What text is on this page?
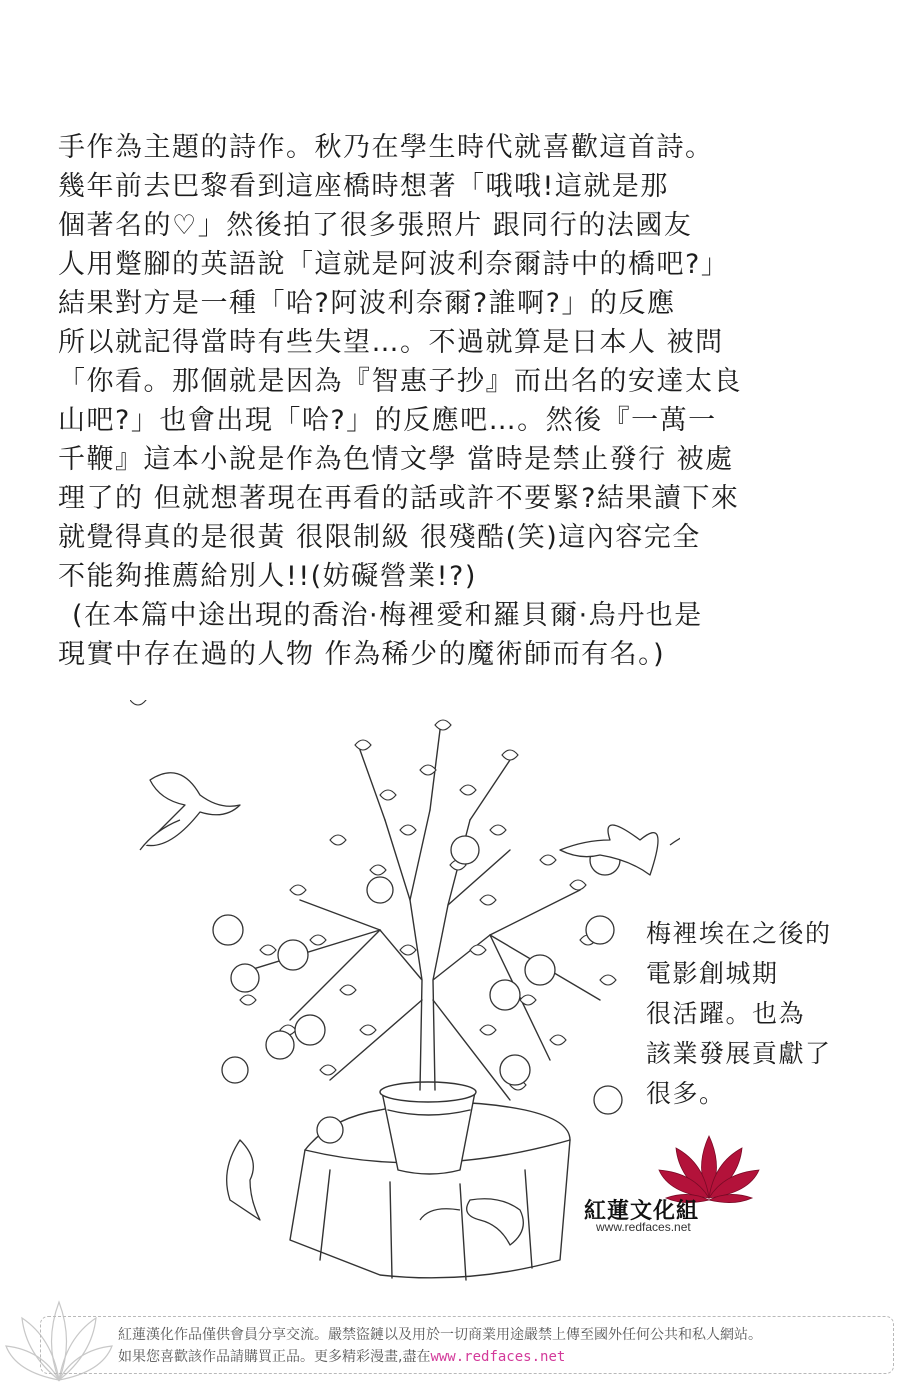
手作為主題的詩作。秋乃在學生時代就喜歡這首詩。
幾年前去巴黎看到這座橋時想著「哦哦!這就是那
個著名的♡」然後拍了很多張照片 跟同行的法國友
人用蹩腳的英語說「這就是阿波利奈爾詩中的橋吧?」
結果對方是一種「哈?阿波利奈爾?誰啊?」的反應
所以就記得當時有些失望…。不過就算是日本人 被問
「你看。那個就是因為『智惠子抄』而出名的安達太良
山吧?」也會出現「哈?」的反應吧…。然後『一萬一
千鞭』這本小說是作為色情文學 當時是禁止發行 被處
理了的 但就想著現在再看的話或許不要緊?結果讀下來
就覺得真的是很黃 很限制級 很殘酷(笑)這內容完全
不能夠推薦給別人!!(妨礙營業!?)
(在本篇中途出現的喬治·梅裡愛和羅貝爾·烏丹也是
現實中存在過的人物 作為稀少的魔術師而有名。)
梅裡埃在之後的
電影創城期
很活躍。也為
該業發展貢獻了
很多。
紅蓮文化組
www.redfaces.net
紅蓮漢化作品僅供會員分享交流。嚴禁盜鏈以及用於一切商業用途嚴禁上傳至國外任何公共和私人網站。
如果您喜歡該作品請購買正品。更多精彩漫畫,盡在www.redfaces.net
